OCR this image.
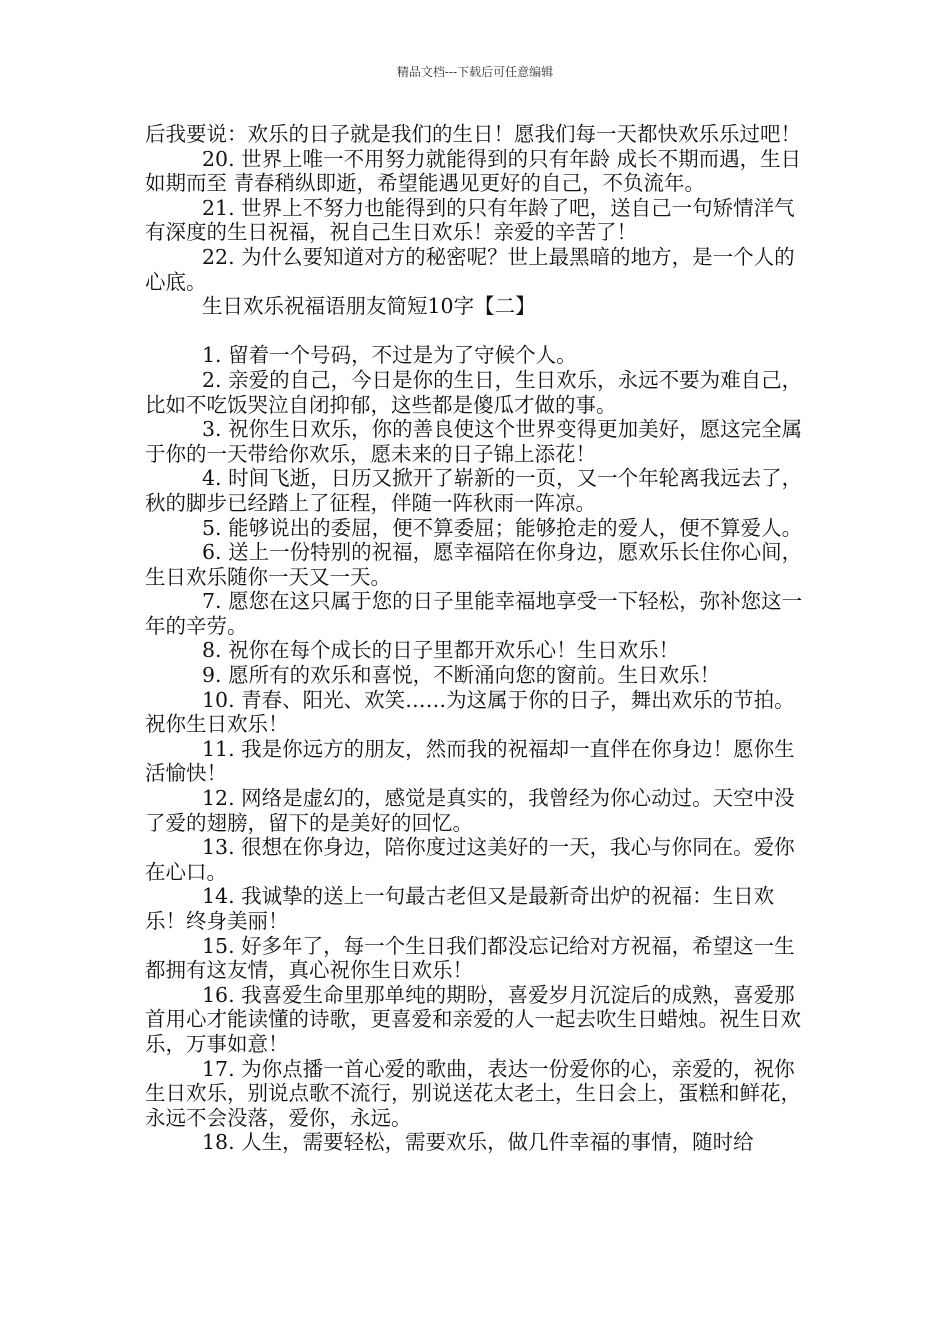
精品文档---下载后可任意编辑

后我要说：欢乐的日子就是我们的生日！愿我们每一天都快欢乐乐过吧！

20. 世界上唯一不用努力就能得到的只有年龄 成长不期而遇，生日如期而至 青春稍纵即逝，希望能遇见更好的自己，不负流年。

21. 世界上不努力也能得到的只有年龄了吧，送自己一句矫情洋气有深度的生日祝福，祝自己生日欢乐！亲爱的辛苦了！

22. 为什么要知道对方的秘密呢？世上最黑暗的地方，是一个人的心底。

生日欢乐祝福语朋友简短10字【二】

1. 留着一个号码，不过是为了守候个人。

2. 亲爱的自己，今日是你的生日，生日欢乐，永远不要为难自己，比如不吃饭哭泣自闭抑郁，这些都是傻瓜才做的事。

3. 祝你生日欢乐，你的善良使这个世界变得更加美好，愿这完全属于你的一天带给你欢乐，愿未来的日子锦上添花！

4. 时间飞逝，日历又掀开了崭新的一页，又一个年轮离我远去了，秋的脚步已经踏上了征程，伴随一阵秋雨一阵凉。

5. 能够说出的委屈，便不算委屈；能够抢走的爱人，便不算爱人。

6. 送上一份特别的祝福，愿幸福陪在你身边，愿欢乐长住你心间，生日欢乐随你一天又一天。

7. 愿您在这只属于您的日子里能幸福地享受一下轻松，弥补您这一年的辛劳。

8. 祝你在每个成长的日子里都开欢乐心！生日欢乐！

9. 愿所有的欢乐和喜悦，不断涌向您的窗前。生日欢乐！

10. 青春、阳光、欢笑……为这属于你的日子，舞出欢乐的节拍。祝你生日欢乐！

11. 我是你远方的朋友，然而我的祝福却一直伴在你身边！愿你生活愉快！

12. 网络是虚幻的，感觉是真实的，我曾经为你心动过。天空中没了爱的翅膀，留下的是美好的回忆。

13. 很想在你身边，陪你度过这美好的一天，我心与你同在。爱你在心口。

14. 我诚挚的送上一句最古老但又是最新奇出炉的祝福：生日欢乐！终身美丽！

15. 好多年了，每一个生日我们都没忘记给对方祝福，希望这一生都拥有这友情，真心祝你生日欢乐！

16. 我喜爱生命里那单纯的期盼，喜爱岁月沉淀后的成熟，喜爱那首用心才能读懂的诗歌，更喜爱和亲爱的人一起去吹生日蜡烛。祝生日欢乐，万事如意！

17. 为你点播一首心爱的歌曲，表达一份爱你的心，亲爱的，祝你生日欢乐，别说点歌不流行，别说送花太老土，生日会上，蛋糕和鲜花，永远不会没落，爱你，永远。

18. 人生，需要轻松，需要欢乐，做几件幸福的事情，随时给
